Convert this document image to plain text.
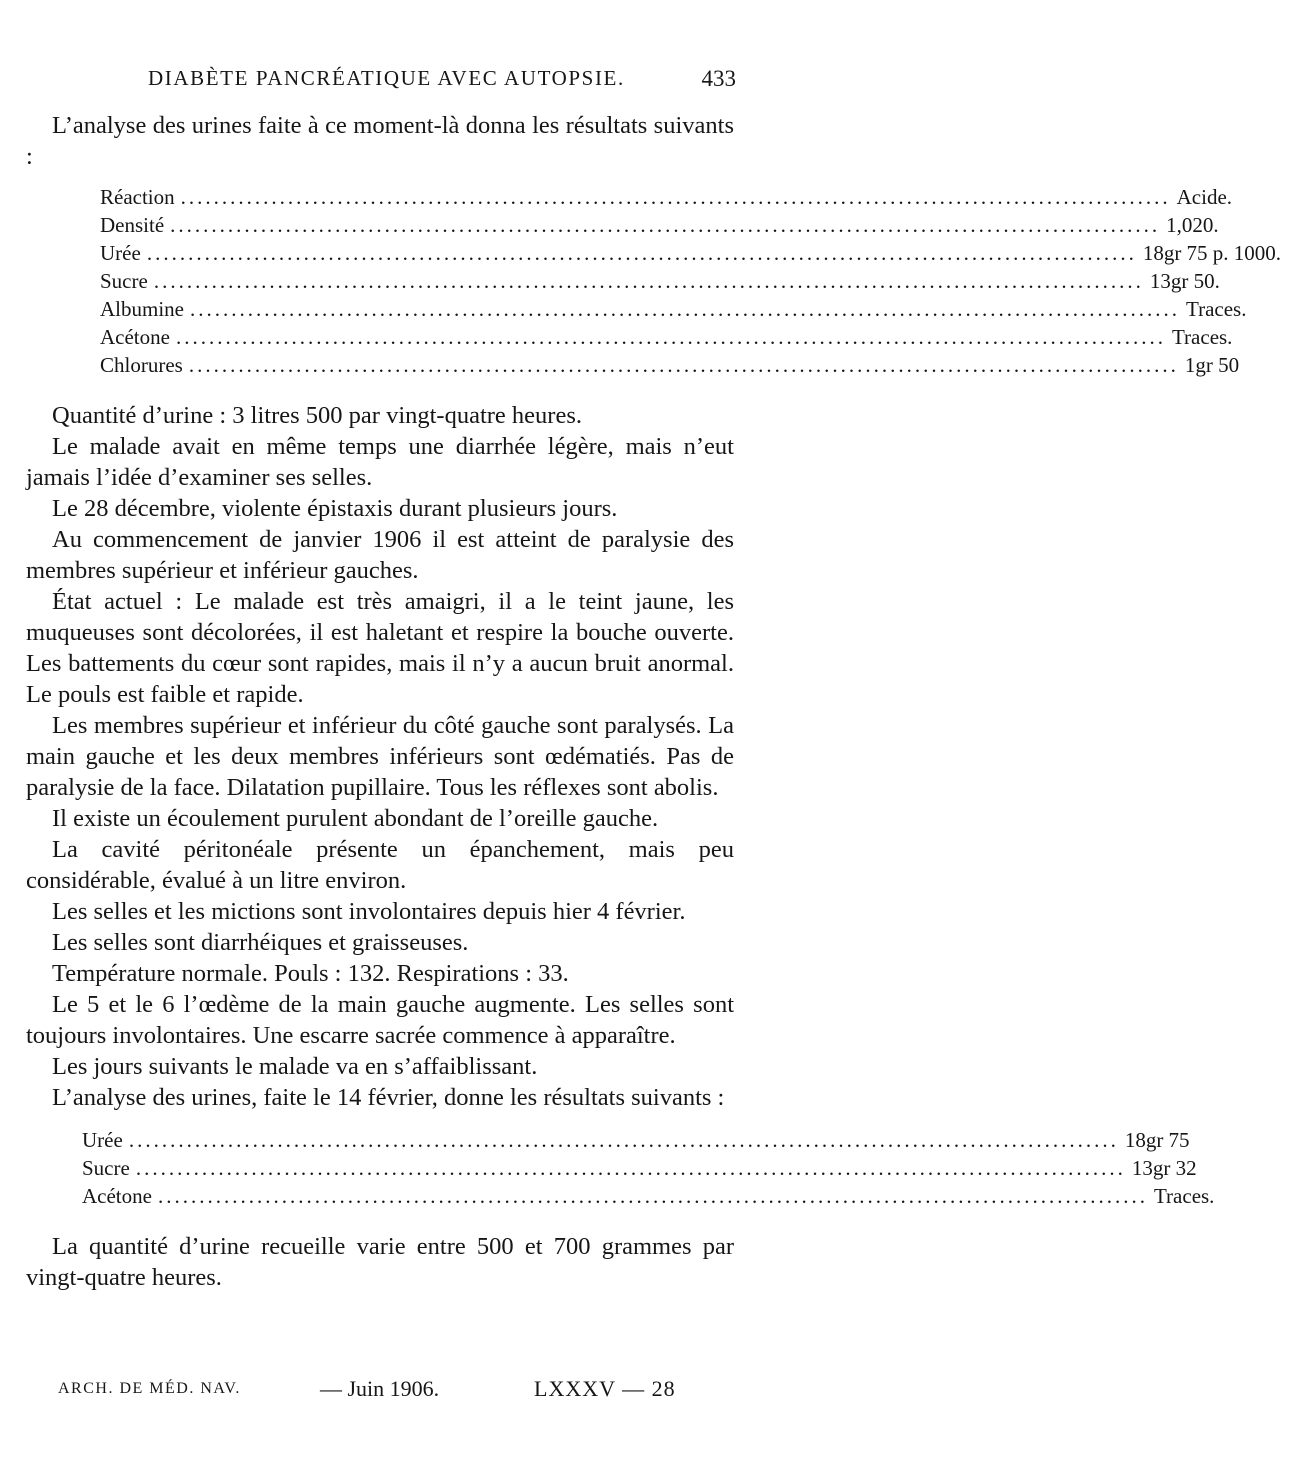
DIABÈTE PANCRÉATIQUE AVEC AUTOPSIE.	433

L’analyse des urines faite à ce moment-là donna les résultats suivants :

Réaction ........................................................................................................................ Acide.
Densité ........................................................................................................................ 1,020.
Urée ........................................................................................................................ 18gr 75 p. 1000.
Sucre ........................................................................................................................ 13gr 50.
Albumine ........................................................................................................................ Traces.
Acétone ........................................................................................................................ Traces.
Chlorures ........................................................................................................................ 1gr 50

Quantité d’urine : 3 litres 500 par vingt-quatre heures.

Le malade avait en même temps une diarrhée légère, mais n’eut jamais l’idée d’examiner ses selles.

Le 28 décembre, violente épistaxis durant plusieurs jours.

Au commencement de janvier 1906 il est atteint de paralysie des membres supérieur et inférieur gauches.

État actuel : Le malade est très amaigri, il a le teint jaune, les muqueuses sont décolorées, il est haletant et respire la bouche ouverte. Les battements du cœur sont rapides, mais il n’y a aucun bruit anormal. Le pouls est faible et rapide.

Les membres supérieur et inférieur du côté gauche sont paralysés. La main gauche et les deux membres inférieurs sont œdématiés. Pas de paralysie de la face. Dilatation pupillaire. Tous les réflexes sont abolis.

Il existe un écoulement purulent abondant de l’oreille gauche.

La cavité péritonéale présente un épanchement, mais peu considérable, évalué à un litre environ.

Les selles et les mictions sont involontaires depuis hier 4 février.

Les selles sont diarrhéiques et graisseuses.

Température normale. Pouls : 132. Respirations : 33.

Le 5 et le 6 l’œdème de la main gauche augmente. Les selles sont toujours involontaires. Une escarre sacrée commence à apparaître.

Les jours suivants le malade va en s’affaiblissant.

L’analyse des urines, faite le 14 février, donne les résultats suivants :

Urée ........................................................................................................................ 18gr 75
Sucre ........................................................................................................................ 13gr 32
Acétone ........................................................................................................................ Traces.

La quantité d’urine recueille varie entre 500 et 700 grammes par vingt-quatre heures.

ARCH. DE MÉD. NAV.	— Juin 1906.	LXXXV — 28
